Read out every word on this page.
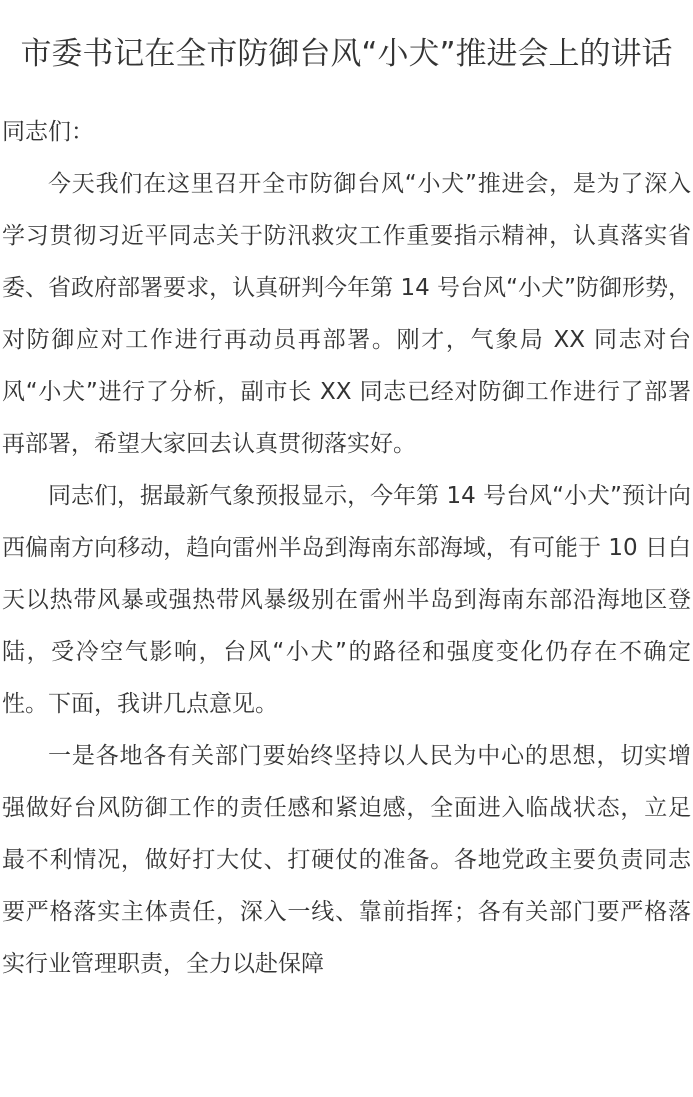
市委书记在全市防御台风“小犬”推进会上的讲话

同志们：

今天我们在这里召开全市防御台风“小犬”推进会，是为了深入学习贯彻习近平同志关于防汛救灾工作重要指示精神，认真落实省委、省政府部署要求，认真研判今年第 14 号台风“小犬”防御形势，对防御应对工作进行再动员再部署。刚才，气象局 XX 同志对台风“小犬”进行了分析，副市长 XX 同志已经对防御工作进行了部署再部署，希望大家回去认真贯彻落实好。

同志们，据最新气象预报显示，今年第 14 号台风“小犬”预计向西偏南方向移动，趋向雷州半岛到海南东部海域，有可能于 10 日白天以热带风暴或强热带风暴级别在雷州半岛到海南东部沿海地区登陆，受冷空气影响，台风“小犬”的路径和强度变化仍存在不确定性。下面，我讲几点意见。

一是各地各有关部门要始终坚持以人民为中心的思想，切实增强做好台风防御工作的责任感和紧迫感，全面进入临战状态，立足最不利情况，做好打大仗、打硬仗的准备。各地党政主要负责同志要严格落实主体责任，深入一线、靠前指挥；各有关部门要严格落实行业管理职责，全力以赴保障
